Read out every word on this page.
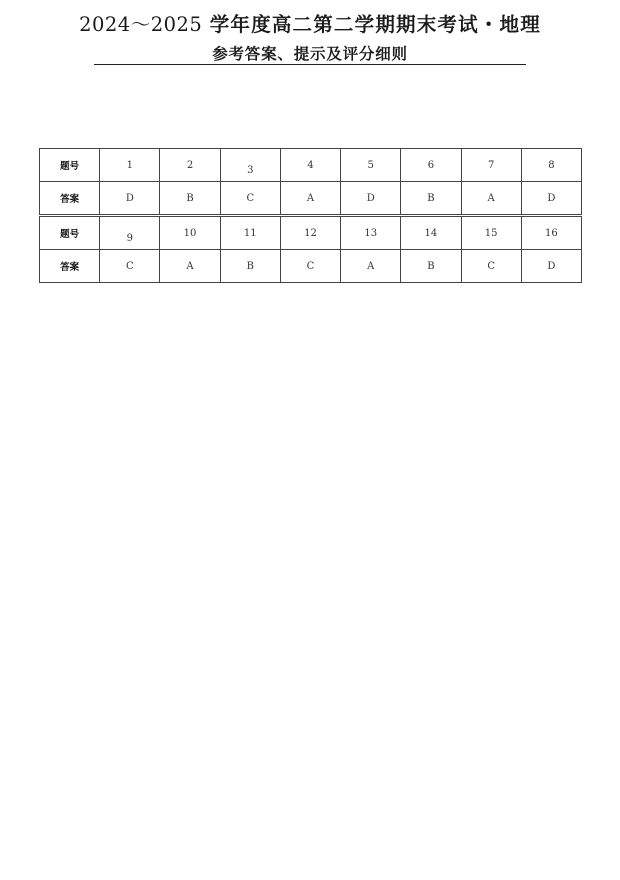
2024～2025 学年度高二第二学期期末考试・地理
参考答案、提示及评分细则
题号	1	2	3	4	5	6	7	8
答案	D	B	C	A	D	B	A	D
题号	9	10	11	12	13	14	15	16
答案	C	A	B	C	A	B	C	D
